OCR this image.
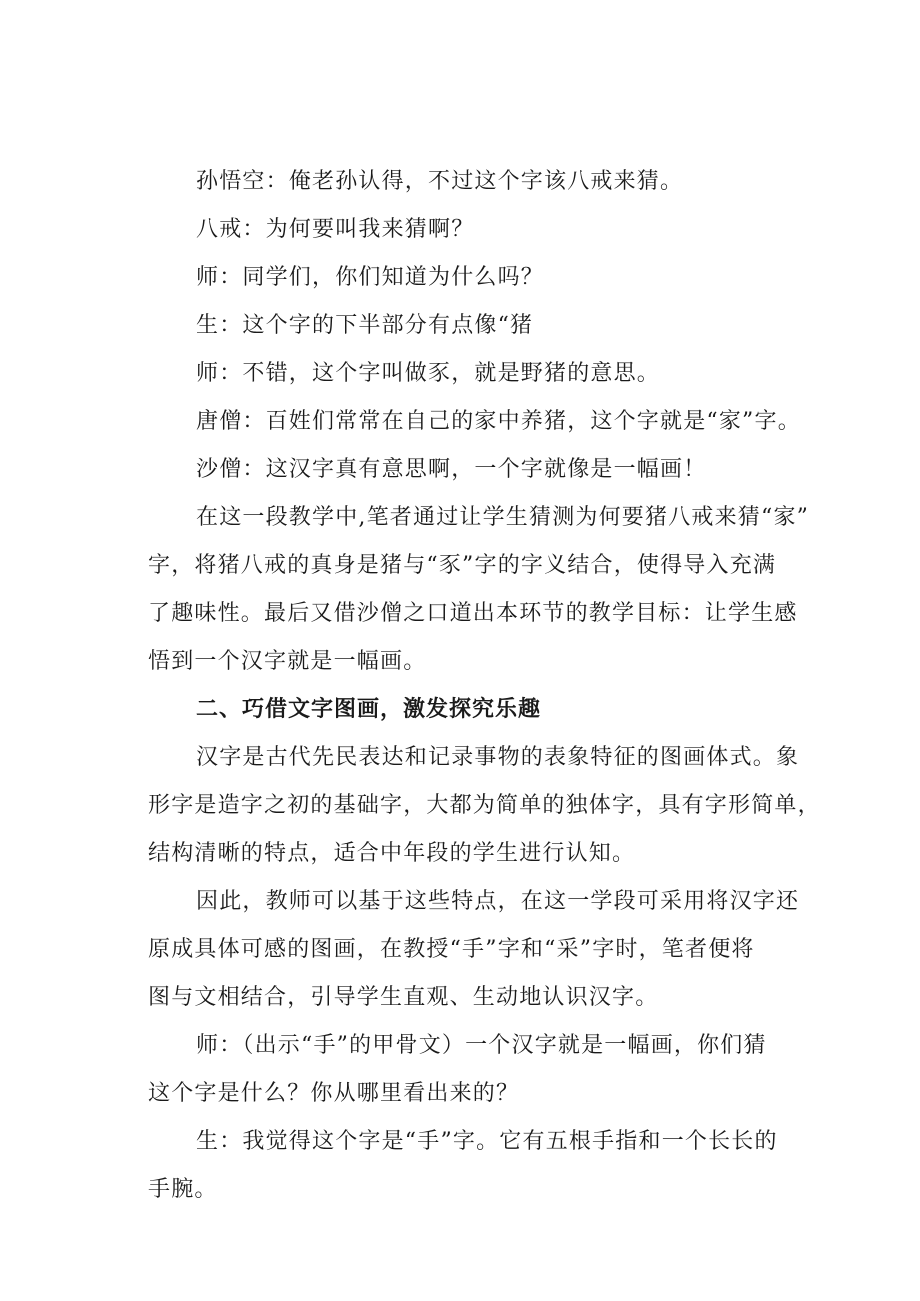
孙悟空：俺老孙认得，不过这个字该八戒来猜。
八戒：为何要叫我来猜啊？
师：同学们，你们知道为什么吗？
生：这个字的下半部分有点像“猪
师：不错，这个字叫做豕，就是野猪的意思。
唐僧：百姓们常常在自己的家中养猪，这个字就是“家”字。
沙僧：这汉字真有意思啊，一个字就像是一幅画！
在这一段教学中,笔者通过让学生猜测为何要猪八戒来猜“家”
字，将猪八戒的真身是猪与“豕”字的字义结合，使得导入充满
了趣味性。最后又借沙僧之口道出本环节的教学目标：让学生感
悟到一个汉字就是一幅画。
二、巧借文字图画，激发探究乐趣
汉字是古代先民表达和记录事物的表象特征的图画体式。象
形字是造字之初的基础字，大都为简单的独体字，具有字形简单，
结构清晰的特点，适合中年段的学生进行认知。
因此，教师可以基于这些特点，在这一学段可采用将汉字还
原成具体可感的图画，在教授“手”字和“采”字时，笔者便将
图与文相结合，引导学生直观、生动地认识汉字。
师：（出示“手”的甲骨文）一个汉字就是一幅画，你们猜
这个字是什么？你从哪里看出来的？
生：我觉得这个字是“手”字。它有五根手指和一个长长的
手腕。
